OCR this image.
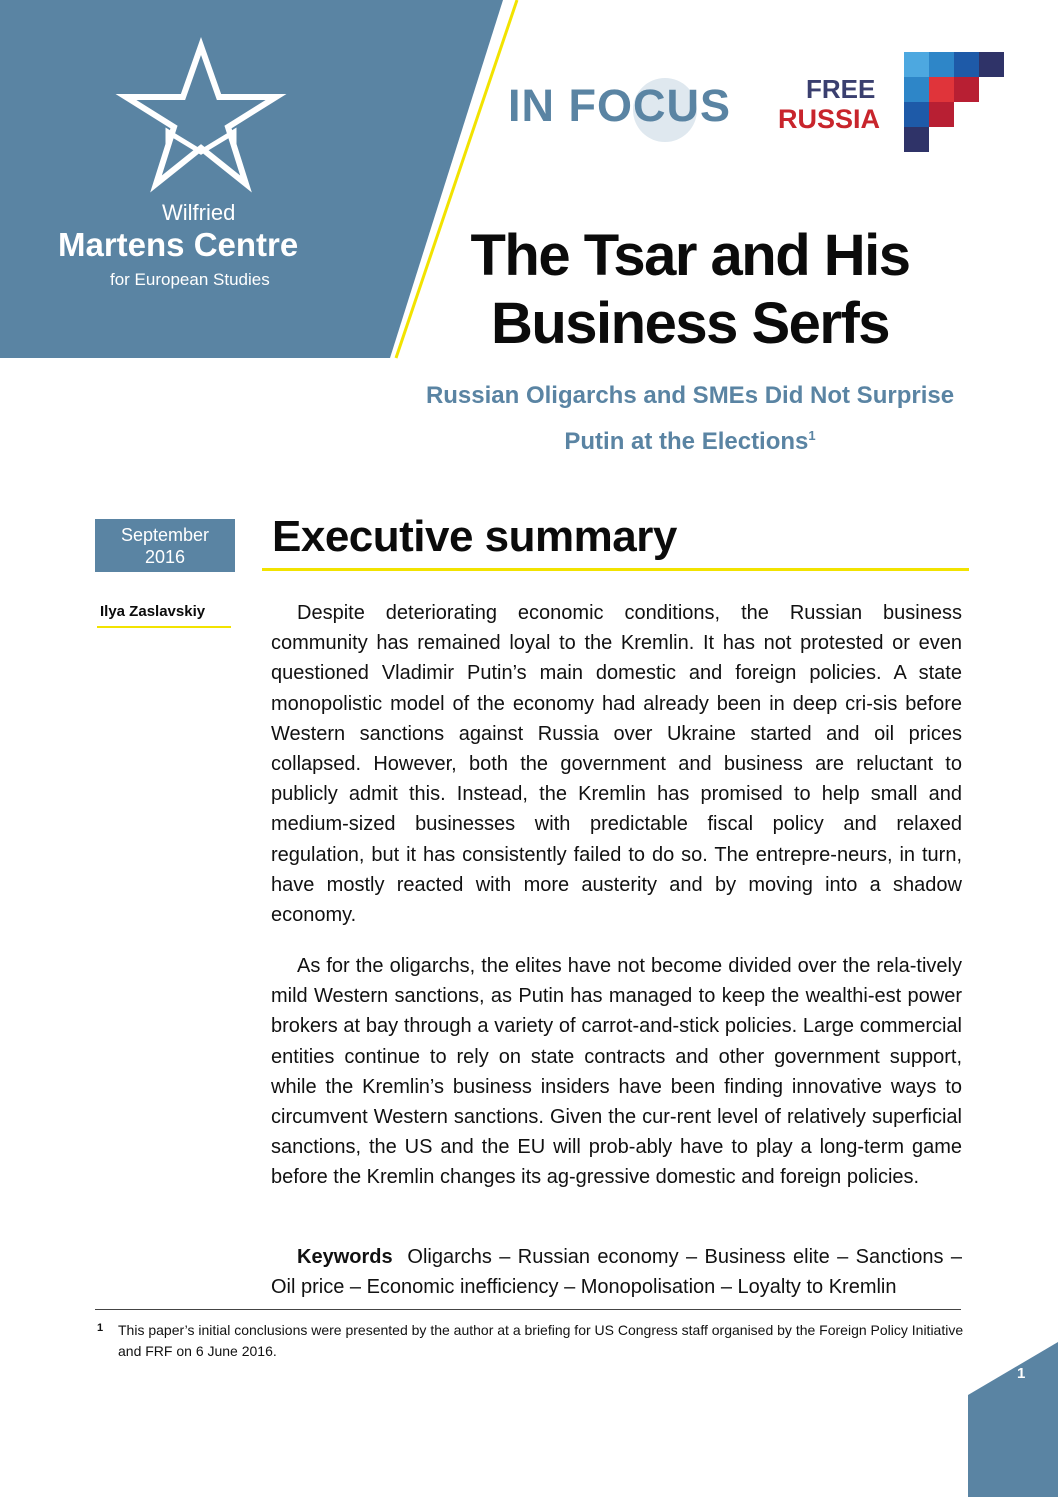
Wilfried
Martens Centre
for European Studies
IN FOCUS	FREE
RUSSIA
The Tsar and His Business Serfs
Russian Oligarchs and SMEs Did Not Surprise Putin at the Elections$^1$
September
2016
Ilya Zaslavskiy
Executive summary
Despite deteriorating economic conditions, the Russian business community has remained loyal to the Kremlin. It has not protested or even questioned Vladimir Putin’s main domestic and foreign policies. A state monopolistic model of the economy had already been in deep cri-sis before Western sanctions against Russia over Ukraine started and oil prices collapsed. However, both the government and business are reluctant to publicly admit this. Instead, the Kremlin has promised to help small and medium-sized businesses with predictable fiscal policy and relaxed regulation, but it has consistently failed to do so. The entrepre-neurs, in turn, have mostly reacted with more austerity and by moving into a shadow economy.
As for the oligarchs, the elites have not become divided over the rela-tively mild Western sanctions, as Putin has managed to keep the wealthi-est power brokers at bay through a variety of carrot-and-stick policies. Large commercial entities continue to rely on state contracts and other government support, while the Kremlin’s business insiders have been finding innovative ways to circumvent Western sanctions. Given the cur-rent level of relatively superficial sanctions, the US and the EU will prob-ably have to play a long-term game before the Kremlin changes its ag-gressive domestic and foreign policies.
Keywords Oligarchs – Russian economy – Business elite – Sanctions – Oil price – Economic inefficiency – Monopolisation – Loyalty to Kremlin
1 This paper’s initial conclusions were presented by the author at a briefing for US Congress staff organised by the Foreign Policy Initiative and FRF on 6 June 2016.
1
